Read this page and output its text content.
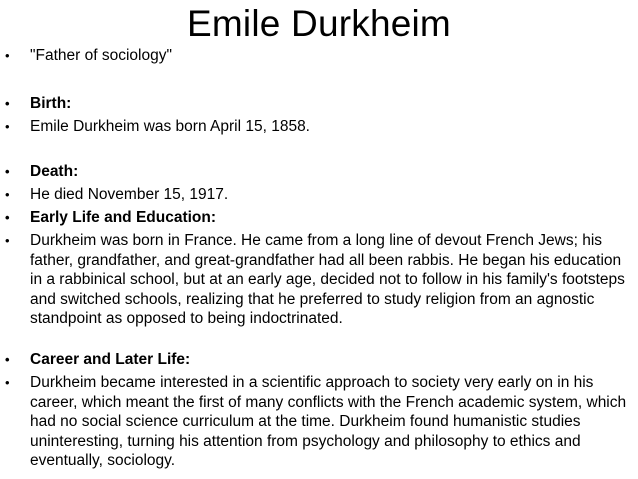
Emile Durkheim
•	"Father of sociology"
•	Birth:
•	Emile Durkheim was born April 15, 1858.
•	Death:
•	He died November 15, 1917.
•	Early Life and Education:
•	Durkheim was born in France. He came from a long line of devout French Jews; his father, grandfather, and great-grandfather had all been rabbis. He began his education in a rabbinical school, but at an early age, decided not to follow in his family's footsteps and switched schools, realizing that he preferred to study religion from an agnostic standpoint as opposed to being indoctrinated.
•	Career and Later Life:
•	Durkheim became interested in a scientific approach to society very early on in his career, which meant the first of many conflicts with the French academic system, which had no social science curriculum at the time. Durkheim found humanistic studies uninteresting, turning his attention from psychology and philosophy to ethics and eventually, sociology.
